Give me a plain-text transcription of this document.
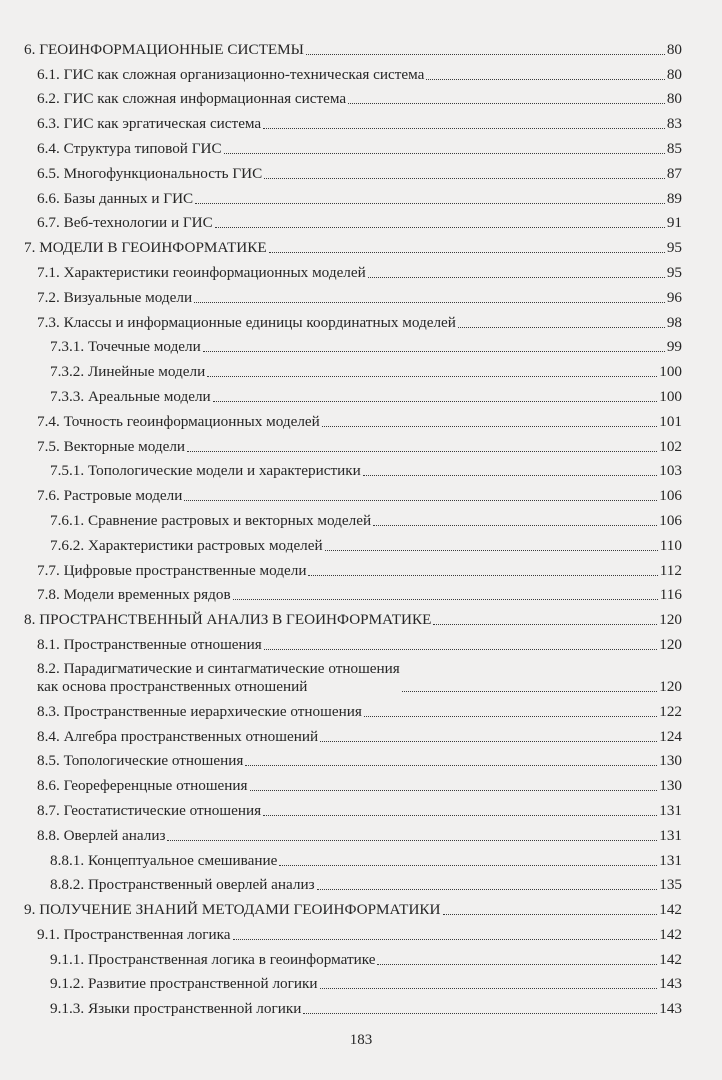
6. ГЕОИНФОРМАЦИОННЫЕ СИСТЕМЫ	80
6.1. ГИС как сложная организационно-техническая система	80
6.2. ГИС как сложная информационная система	80
6.3. ГИС как эргатическая система	83
6.4. Структура типовой ГИС	85
6.5. Многофункциональность ГИС	87
6.6. Базы данных и ГИС	89
6.7. Веб-технологии и ГИС	91
7. МОДЕЛИ В ГЕОИНФОРМАТИКЕ	95
7.1. Характеристики геоинформационных моделей	95
7.2. Визуальные модели	96
7.3. Классы и информационные единицы координатных моделей	98
7.3.1. Точечные модели	99
7.3.2. Линейные модели	100
7.3.3. Ареальные модели	100
7.4. Точность геоинформационных моделей	101
7.5. Векторные модели	102
7.5.1. Топологические модели и характеристики	103
7.6. Растровые модели	106
7.6.1. Сравнение растровых и векторных моделей	106
7.6.2. Характеристики растровых моделей	110
7.7. Цифровые пространственные модели	112
7.8. Модели временных рядов	116
8. ПРОСТРАНСТВЕННЫЙ АНАЛИЗ В ГЕОИНФОРМАТИКЕ	120
8.1. Пространственные отношения	120
8.2. Парадигматические и синтагматические отношения
как основа пространственных отношений	120
8.3. Пространственные иерархические отношения	122
8.4. Алгебра пространственных отношений	124
8.5. Топологические отношения	130
8.6. Геореференцные отношения	130
8.7. Геостатистические отношения	131
8.8. Оверлей анализ	131
8.8.1. Концептуальное смешивание	131
8.8.2. Пространственный оверлей анализ	135
9. ПОЛУЧЕНИЕ ЗНАНИЙ МЕТОДАМИ ГЕОИНФОРМАТИКИ	142
9.1. Пространственная логика	142
9.1.1. Пространственная логика в геоинформатике	142
9.1.2. Развитие пространственной логики	143
9.1.3. Языки пространственной логики	143
183
